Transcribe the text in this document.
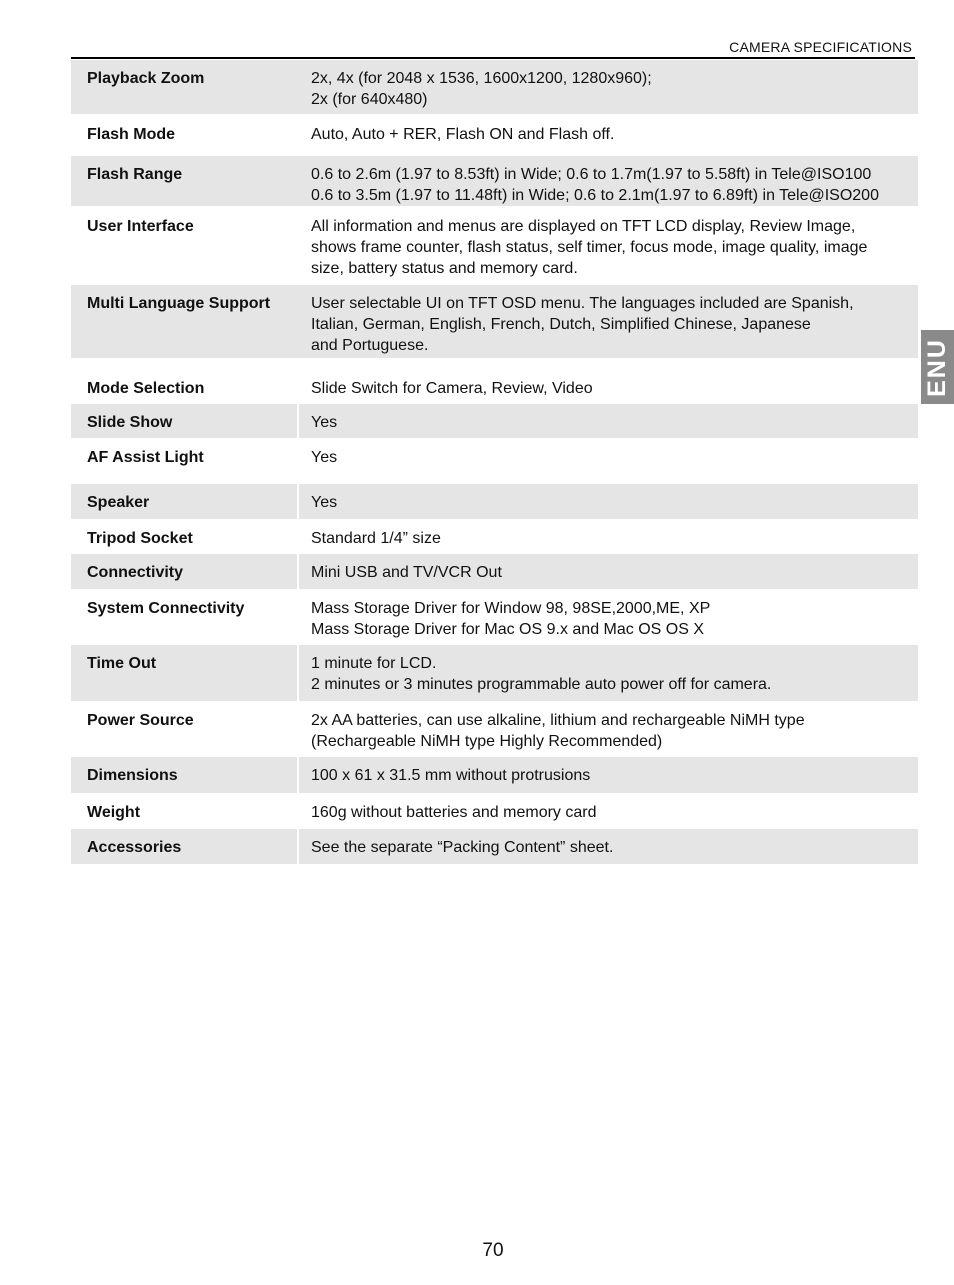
CAMERA SPECIFICATIONS
ENU
Playback Zoom	2x, 4x (for 2048 x 1536, 1600x1200, 1280x960);
2x (for 640x480)
Flash Mode	Auto, Auto + RER, Flash ON and Flash off.
Flash Range	0.6 to 2.6m (1.97 to 8.53ft) in Wide; 0.6 to 1.7m(1.97 to 5.58ft) in Tele@ISO100
0.6 to 3.5m (1.97 to 11.48ft) in Wide; 0.6 to 2.1m(1.97 to 6.89ft) in Tele@ISO200
User Interface	All information and menus are displayed on TFT LCD display, Review Image,
shows frame counter, flash status, self timer, focus mode, image quality, image
size, battery status and memory card.
Multi Language Support	User selectable UI on TFT OSD menu. The languages included are Spanish,
Italian, German, English, French, Dutch, Simplified Chinese, Japanese
and Portuguese.
Mode Selection	Slide Switch for Camera, Review, Video
Slide Show	Yes
AF Assist Light	Yes
Speaker	Yes
Tripod Socket	Standard 1/4” size
Connectivity	Mini USB and TV/VCR Out
System Connectivity	Mass Storage Driver for Window 98, 98SE,2000,ME, XP
Mass Storage Driver for Mac OS 9.x and Mac OS OS X
Time Out	1 minute for LCD.
2 minutes or 3 minutes programmable auto power off for camera.
Power Source	2x AA batteries, can use alkaline, lithium and rechargeable NiMH type
(Rechargeable NiMH type Highly Recommended)
Dimensions	100 x 61 x 31.5 mm without protrusions
Weight	160g without batteries and memory card
Accessories	See the separate “Packing Content” sheet.
70
